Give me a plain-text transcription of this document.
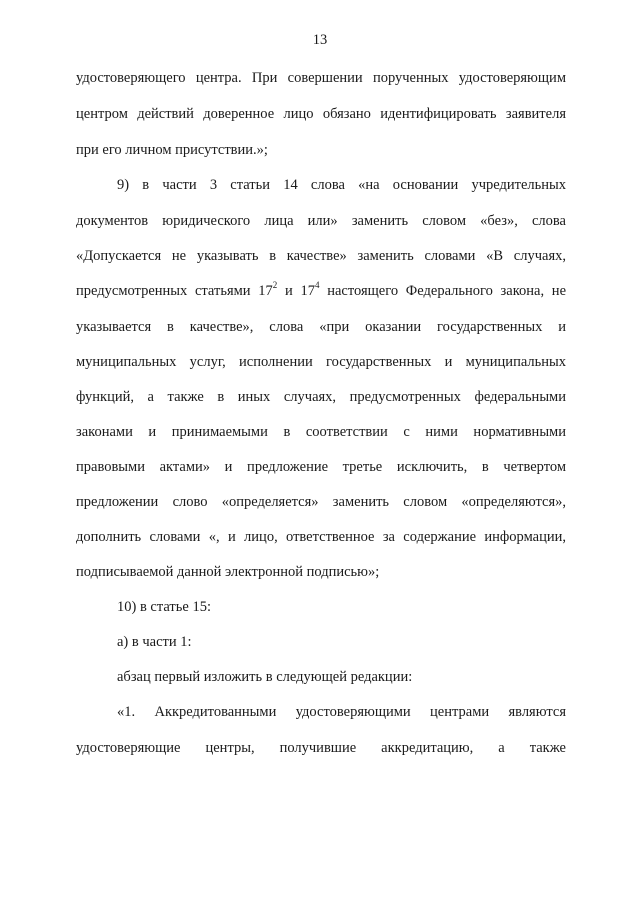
13
удостоверяющего центра. При совершении порученных удостоверяющим
центром действий доверенное лицо обязано идентифицировать заявителя
при его личном присутствии.»;
9) в части 3 статьи 14 слова «на основании учредительных
документов юридического лица или» заменить словом «без», слова
«Допускается не указывать в качестве» заменить словами «В случаях,
предусмотренных статьями $17^2$ и $17^4$ настоящего Федерального закона, не
указывается в качестве», слова «при оказании государственных и
муниципальных услуг, исполнении государственных и муниципальных
функций, а также в иных случаях, предусмотренных федеральными
законами и принимаемыми в соответствии с ними нормативными
правовыми актами» и предложение третье исключить, в четвертом
предложении слово «определяется» заменить словом «определяются»,
дополнить словами «, и лицо, ответственное за содержание информации,
подписываемой данной электронной подписью»;
10) в статье 15:
а) в части 1:
абзац первый изложить в следующей редакции:
«1. Аккредитованными удостоверяющими центрами являются
удостоверяющие центры, получившие аккредитацию, а также
